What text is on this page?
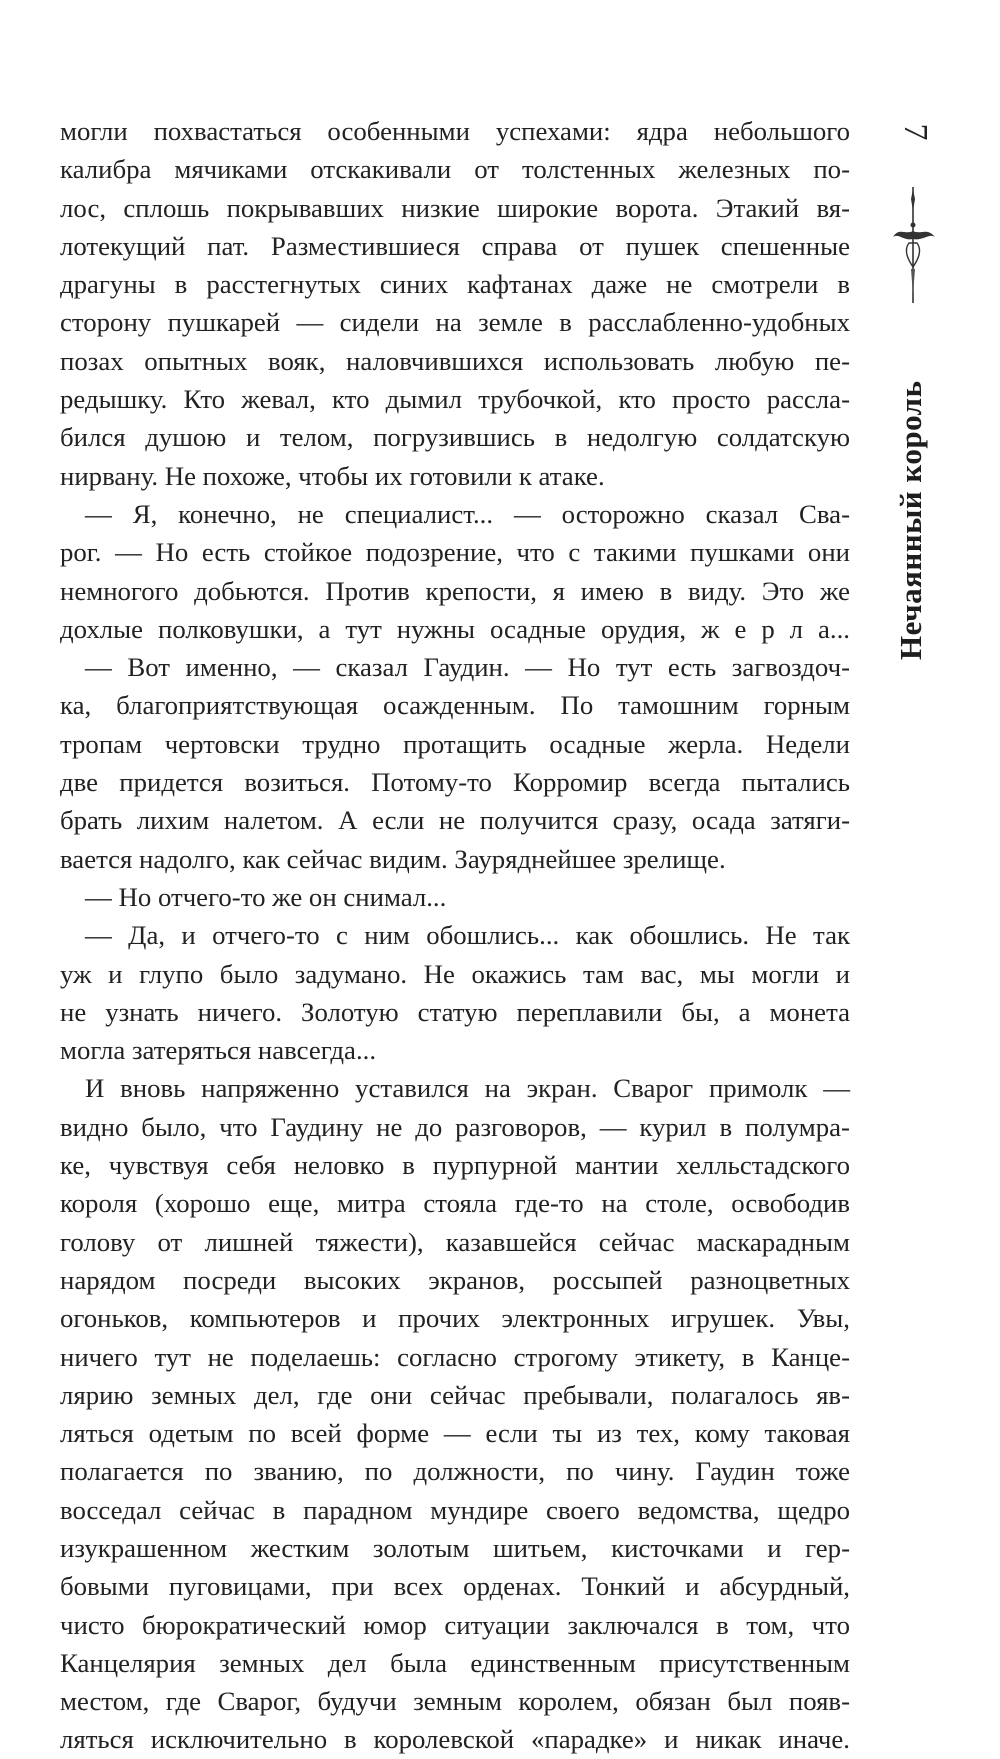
могли похвастаться особенными успехами: ядра небольшого
калибра мячиками отскакивали от толстенных железных по-
лос, сплошь покрывавших низкие широкие ворота. Этакий вя-
лотекущий пат. Разместившиеся справа от пушек спешенные
драгуны в расстегнутых синих кафтанах даже не смотрели в
сторону пушкарей — сидели на земле в расслабленно-удобных
позах опытных вояк, наловчившихся использовать любую пе-
редышку. Кто жевал, кто дымил трубочкой, кто просто рассла-
бился душою и телом, погрузившись в недолгую солдатскую
нирвану. Не похоже, чтобы их готовили к атаке.
— Я, конечно, не специалист... — осторожно сказал Сва-
рог. — Но есть стойкое подозрение, что с такими пушками они
немногого добьются. Против крепости, я имею в виду. Это же
дохлые полковушки, а тут нужны осадные орудия, ж е р л а...
— Вот именно, — сказал Гаудин. — Но тут есть загвоздоч-
ка, благоприятствующая осажденным. По тамошним горным
тропам чертовски трудно протащить осадные жерла. Недели
две придется возиться. Потому-то Корромир всегда пытались
брать лихим налетом. А если не получится сразу, осада затяги-
вается надолго, как сейчас видим. Заурядней​шее зрелище.
— Но отчего-то же он снимал...
— Да, и отчего-то с ним обошлись... как обошлись. Не так
уж и глупо было задумано. Не окажись там вас, мы могли и
не узнать ничего. Золотую статую переплавили бы, а монета
могла затеряться навсегда...
И вновь напряженно уставился на экран. Сварог примолк —
видно было, что Гаудину не до разговоров, — курил в полумра-
ке, чувствуя себя неловко в пурпурной мантии хелльстадского
короля (хорошо еще, митра стояла где-то на столе, освободив
голову от лишней тяжести), казавшейся сейчас маскарадным
нарядом посреди высоких экранов, россыпей разноцветных
огоньков, компьютеров и прочих электронных игрушек. Увы,
ничего тут не поделаешь: согласно строгому этикету, в Канце-
лярию земных дел, где они сейчас пребывали, полагалось яв-
ляться одетым по всей форме — если ты из тех, кому таковая
полагается по званию, по должности, по чину. Гаудин тоже
восседал сейчас в парадном мундире своего ведомства, щедро
изукрашенном жестким золотым шитьем, кисточками и гер-
бовыми пуговицами, при всех орденах. Тонкий и абсурдный,
чисто бюрократический юмор ситуации заключался в том, что
Канцелярия земных дел была единственным присутственным
местом, где Сварог, будучи земным королем, обязан был появ-
ляться исключительно в королевской «парадке» и никак иначе.
7
Нечаянный король
